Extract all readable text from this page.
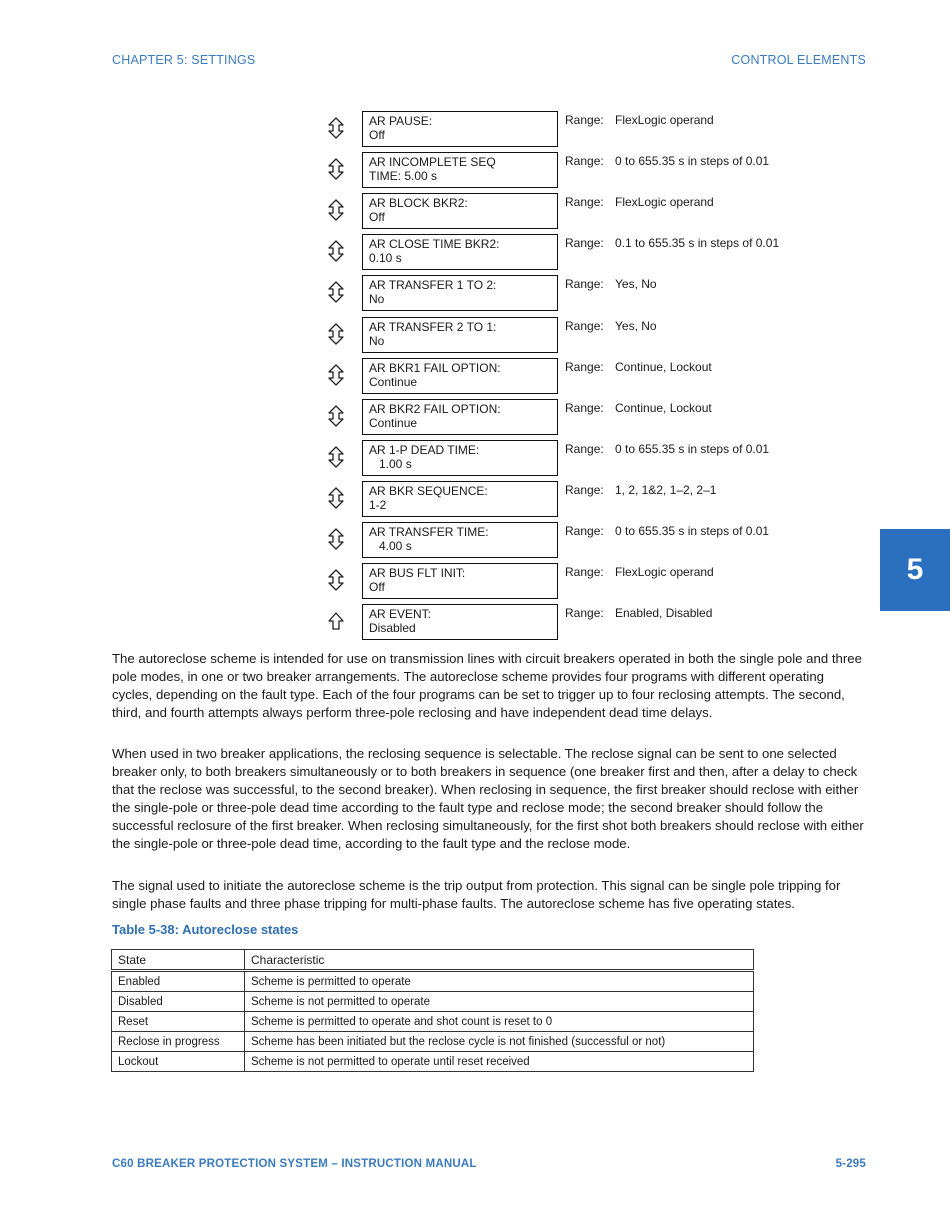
CHAPTER 5: SETTINGS	CONTROL ELEMENTS
AR PAUSE:
Off
Range: FlexLogic operand
AR INCOMPLETE SEQ
TIME: 5.00 s
Range: 0 to 655.35 s in steps of 0.01
AR BLOCK BKR2:
Off
Range: FlexLogic operand
AR CLOSE TIME BKR2:
0.10 s
Range: 0.1 to 655.35 s in steps of 0.01
AR TRANSFER 1 TO 2:
No
Range: Yes, No
AR TRANSFER 2 TO 1:
No
Range: Yes, No
AR BKR1 FAIL OPTION:
Continue
Range: Continue, Lockout
AR BKR2 FAIL OPTION:
Continue
Range: Continue, Lockout
AR 1-P DEAD TIME:
1.00 s
Range: 0 to 655.35 s in steps of 0.01
AR BKR SEQUENCE:
1-2
Range: 1, 2, 1&2, 1–2, 2–1
AR TRANSFER TIME:
4.00 s
Range: 0 to 655.35 s in steps of 0.01
AR BUS FLT INIT:
Off
Range: FlexLogic operand
AR EVENT:
Disabled
Range: Enabled, Disabled

The autoreclose scheme is intended for use on transmission lines with circuit breakers operated in both the single pole and three pole modes, in one or two breaker arrangements. The autoreclose scheme provides four programs with different operating cycles, depending on the fault type. Each of the four programs can be set to trigger up to four reclosing attempts. The second, third, and fourth attempts always perform three-pole reclosing and have independent dead time delays.

When used in two breaker applications, the reclosing sequence is selectable. The reclose signal can be sent to one selected breaker only, to both breakers simultaneously or to both breakers in sequence (one breaker first and then, after a delay to check that the reclose was successful, to the second breaker). When reclosing in sequence, the first breaker should reclose with either the single-pole or three-pole dead time according to the fault type and reclose mode; the second breaker should follow the successful reclosure of the first breaker. When reclosing simultaneously, for the first shot both breakers should reclose with either the single-pole or three-pole dead time, according to the fault type and the reclose mode.

The signal used to initiate the autoreclose scheme is the trip output from protection. This signal can be single pole tripping for single phase faults and three phase tripping for multi-phase faults. The autoreclose scheme has five operating states.

Table 5-38: Autoreclose states
State	Characteristic
Enabled	Scheme is permitted to operate
Disabled	Scheme is not permitted to operate
Reset	Scheme is permitted to operate and shot count is reset to 0
Reclose in progress	Scheme has been initiated but the reclose cycle is not finished (successful or not)
Lockout	Scheme is not permitted to operate until reset received
C60 BREAKER PROTECTION SYSTEM – INSTRUCTION MANUAL	5-295
5
